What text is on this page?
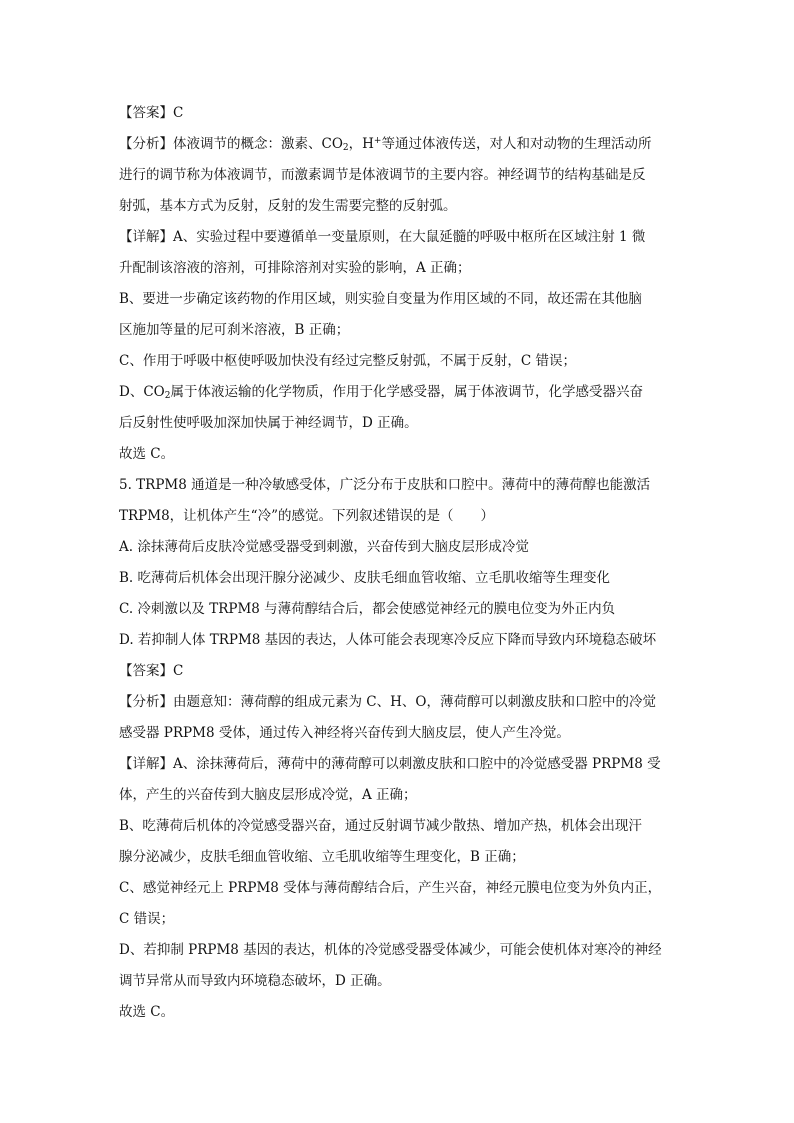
【答案】C
【分析】体液调节的概念：激素、$CO_2$，H+等通过体液传送，对人和对动物的生理活动所
进行的调节称为体液调节，而激素调节是体液调节的主要内容。神经调节的结构基础是反
射弧，基本方式为反射，反射的发生需要完整的反射弧。
【详解】A、实验过程中要遵循单一变量原则，在大鼠延髓的呼吸中枢所在区域注射 1 微
升配制该溶液的溶剂，可排除溶剂对实验的影响，A 正确；
B、要进一步确定该药物的作用区域，则实验自变量为作用区域的不同，故还需在其他脑
区施加等量的尼可刹米溶液，B 正确；
C、作用于呼吸中枢使呼吸加快没有经过完整反射弧，不属于反射，C 错误；
D、$CO_2$属于体液运输的化学物质，作用于化学感受器，属于体液调节，化学感受器兴奋
后反射性使呼吸加深加快属于神经调节，D 正确。
故选 C。
5. TRPM8 通道是一种冷敏感受体，广泛分布于皮肤和口腔中。薄荷中的薄荷醇也能激活
TRPM8，让机体产生“冷”的感觉。下列叙述错误的是（　　）
A. 涂抹薄荷后皮肤冷觉感受器受到刺激，兴奋传到大脑皮层形成冷觉
B. 吃薄荷后机体会出现汗腺分泌减少、皮肤毛细血管收缩、立毛肌收缩等生理变化
C. 冷刺激以及 TRPM8 与薄荷醇结合后，都会使感觉神经元的膜电位变为外正内负
D. 若抑制人体 TRPM8 基因的表达，人体可能会表现寒冷反应下降而导致内环境稳态破坏
【答案】C
【分析】由题意知：薄荷醇的组成元素为 C、H、O，薄荷醇可以刺激皮肤和口腔中的冷觉
感受器 PRPM8 受体，通过传入神经将兴奋传到大脑皮层，使人产生冷觉。
【详解】A、涂抹薄荷后，薄荷中的薄荷醇可以刺激皮肤和口腔中的冷觉感受器 PRPM8 受
体，产生的兴奋传到大脑皮层形成冷觉，A 正确；
B、吃薄荷后机体的冷觉感受器兴奋，通过反射调节减少散热、增加产热，机体会出现汗
腺分泌减少，皮肤毛细血管收缩、立毛肌收缩等生理变化，B 正确；
C、感觉神经元上 PRPM8 受体与薄荷醇结合后，产生兴奋，神经元膜电位变为外负内正，
C 错误；
D、若抑制 PRPM8 基因的表达，机体的冷觉感受器受体减少，可能会使机体对寒冷的神经
调节异常从而导致内环境稳态破坏，D 正确。
故选 C。
